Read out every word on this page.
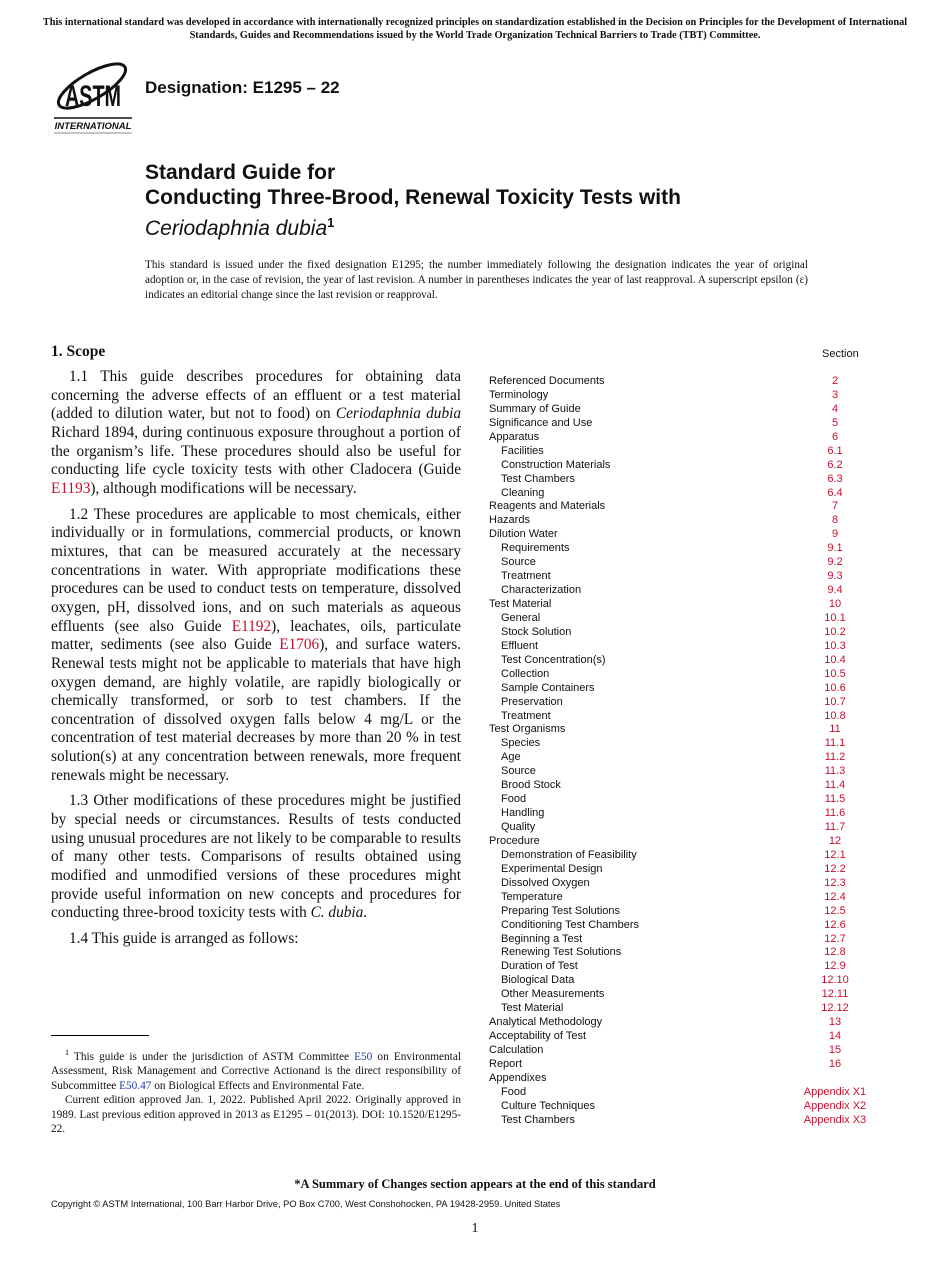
This international standard was developed in accordance with internationally recognized principles on standardization established in the Decision on Principles for the Development of International Standards, Guides and Recommendations issued by the World Trade Organization Technical Barriers to Trade (TBT) Committee.
ASTM
INTERNATIONAL
Designation: E1295 – 22
Standard Guide for
Conducting Three-Brood, Renewal Toxicity Tests with
Ceriodaphnia dubia$^1$
This standard is issued under the fixed designation E1295; the number immediately following the designation indicates the year of original adoption or, in the case of revision, the year of last revision. A number in parentheses indicates the year of last reapproval. A superscript epsilon (ε) indicates an editorial change since the last revision or reapproval.
1. Scope

1.1 This guide describes procedures for obtaining data concerning the adverse effects of an effluent or a test material (added to dilution water, but not to food) on Ceriodaphnia dubia Richard 1894, during continuous exposure throughout a portion of the organism’s life. These procedures should also be useful for conducting life cycle toxicity tests with other Cladocera (Guide E1193), although modifications will be necessary.

1.2 These procedures are applicable to most chemicals, either individually or in formulations, commercial products, or known mixtures, that can be measured accurately at the necessary concentrations in water. With appropriate modifications these procedures can be used to conduct tests on temperature, dissolved oxygen, pH, dissolved ions, and on such materials as aqueous effluents (see also Guide E1192), leachates, oils, particulate matter, sediments (see also Guide E1706), and surface waters. Renewal tests might not be applicable to materials that have high oxygen demand, are highly volatile, are rapidly biologically or chemically transformed, or sorb to test chambers. If the concentration of dissolved oxygen falls below 4 mg/L or the concentration of test material decreases by more than 20 % in test solution(s) at any concentration between renewals, more frequent renewals might be necessary.

1.3 Other modifications of these procedures might be justified by special needs or circumstances. Results of tests conducted using unusual procedures are not likely to be comparable to results of many other tests. Comparisons of results obtained using modified and unmodified versions of these procedures might provide useful information on new concepts and procedures for conducting three-brood toxicity tests with C. dubia.

1.4 This guide is arranged as follows:

$^1$ This guide is under the jurisdiction of ASTM Committee E50 on Environmental Assessment, Risk Management and Corrective Actionand is the direct responsibility of Subcommittee E50.47 on Biological Effects and Environmental Fate.

Current edition approved Jan. 1, 2022. Published April 2022. Originally approved in 1989. Last previous edition approved in 2013 as E1295 – 01(2013). DOI: 10.1520/E1295-22.

Section
Referenced Documents	2
Terminology	3
Summary of Guide	4
Significance and Use	5
Apparatus	6
Facilities	6.1
Construction Materials	6.2
Test Chambers	6.3
Cleaning	6.4
Reagents and Materials	7
Hazards	8
Dilution Water	9
Requirements	9.1
Source	9.2
Treatment	9.3
Characterization	9.4
Test Material	10
General	10.1
Stock Solution	10.2
Effluent	10.3
Test Concentration(s)	10.4
Collection	10.5
Sample Containers	10.6
Preservation	10.7
Treatment	10.8
Test Organisms	11
Species	11.1
Age	11.2
Source	11.3
Brood Stock	11.4
Food	11.5
Handling	11.6
Quality	11.7
Procedure	12
Demonstration of Feasibility	12.1
Experimental Design	12.2
Dissolved Oxygen	12.3
Temperature	12.4
Preparing Test Solutions	12.5
Conditioning Test Chambers	12.6
Beginning a Test	12.7
Renewing Test Solutions	12.8
Duration of Test	12.9
Biological Data	12.10
Other Measurements	12.11
Test Material	12.12
Analytical Methodology	13
Acceptability of Test	14
Calculation	15
Report	16
Appendixes
Food	Appendix X1
Culture Techniques	Appendix X2
Test Chambers	Appendix X3
*A Summary of Changes section appears at the end of this standard
Copyright © ASTM International, 100 Barr Harbor Drive, PO Box C700, West Conshohocken, PA 19428-2959. United States
1
